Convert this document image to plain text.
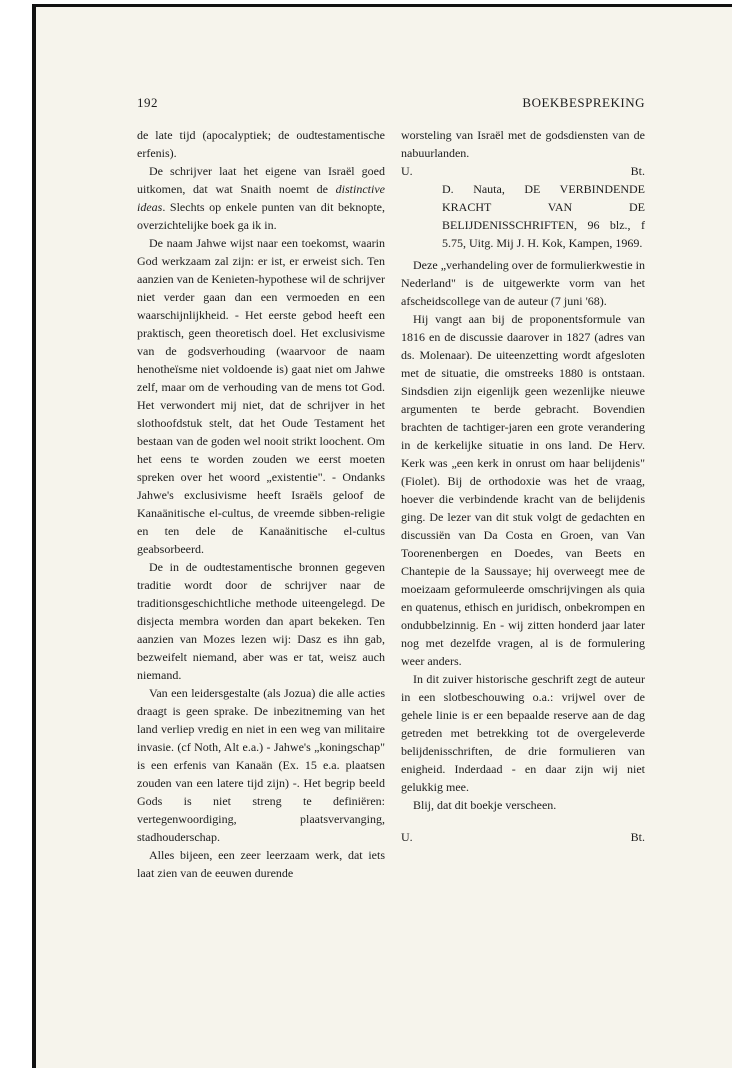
192	BOEKBESPREKING

de late tijd (apocalyptiek; de oudtestamentische erfenis).

De schrijver laat het eigene van Israël goed uitkomen, dat wat Snaith noemt de distinctive ideas. Slechts op enkele punten van dit beknopte, overzichtelijke boek ga ik in.

De naam Jahwe wijst naar een toekomst, waarin God werkzaam zal zijn: er ist, er erweist sich. Ten aanzien van de Kenieten-hypothese wil de schrijver niet verder gaan dan een vermoeden en een waarschijnlijkheid. - Het eerste gebod heeft een praktisch, geen theoretisch doel. Het exclusivisme van de godsverhouding (waarvoor de naam henotheïsme niet voldoende is) gaat niet om Jahwe zelf, maar om de verhouding van de mens tot God. Het verwondert mij niet, dat de schrijver in het slothoofdstuk stelt, dat het Oude Testament het bestaan van de goden wel nooit strikt loochent. Om het eens te worden zouden we eerst moeten spreken over het woord „existentie". - Ondanks Jahwe's exclusivisme heeft Israëls geloof de Kanaänitische el-cultus, de vreemde sibben-religie en ten dele de Kanaänitische el-cultus geabsorbeerd.

De in de oudtestamentische bronnen gegeven traditie wordt door de schrijver naar de traditionsgeschichtliche methode uiteengelegd. De disjecta membra worden dan apart bekeken. Ten aanzien van Mozes lezen wij: Dasz es ihn gab, bezweifelt niemand, aber was er tat, weisz auch niemand.

Van een leidersgestalte (als Jozua) die alle acties draagt is geen sprake. De inbezitneming van het land verliep vredig en niet in een weg van militaire invasie. (cf Noth, Alt e.a.) - Jahwe's „koningschap" is een erfenis van Kanaän (Ex. 15 e.a. plaatsen zouden van een latere tijd zijn) -. Het begrip beeld Gods is niet streng te definiëren: vertegenwoordiging, plaatsvervanging, stadhouderschap.

Alles bijeen, een zeer leerzaam werk, dat iets laat zien van de eeuwen durende

worsteling van Israël met de godsdiensten van de nabuurlanden.

U.	Bt.

D. Nauta, DE VERBINDENDE KRACHT VAN DE BELIJDENISSCHRIFTEN, 96 blz., f 5.75, Uitg. Mij J. H. Kok, Kampen, 1969.

Deze „verhandeling over de formulierkwestie in Nederland" is de uitgewerkte vorm van het afscheidscollege van de auteur (7 juni '68).

Hij vangt aan bij de proponentsformule van 1816 en de discussie daarover in 1827 (adres van ds. Molenaar). De uiteenzetting wordt afgesloten met de situatie, die omstreeks 1880 is ontstaan. Sindsdien zijn eigenlijk geen wezenlijke nieuwe argumenten te berde gebracht. Bovendien brachten de tachtiger-jaren een grote verandering in de kerkelijke situatie in ons land. De Herv. Kerk was „een kerk in onrust om haar belijdenis" (Fiolet). Bij de orthodoxie was het de vraag, hoever die verbindende kracht van de belijdenis ging. De lezer van dit stuk volgt de gedachten en discussiën van Da Costa en Groen, van Van Toorenenbergen en Doedes, van Beets en Chantepie de la Saussaye; hij overweegt mee de moeizaam geformuleerde omschrijvingen als quia en quatenus, ethisch en juridisch, onbekrompen en ondubbelzinnig. En - wij zitten honderd jaar later nog met dezelfde vragen, al is de formulering weer anders.

In dit zuiver historische geschrift zegt de auteur in een slotbeschouwing o.a.: vrijwel over de gehele linie is er een bepaalde reserve aan de dag getreden met betrekking tot de overgeleverde belijdenisschriften, de drie formulieren van enigheid. Inderdaad - en daar zijn wij niet gelukkig mee.

Blij, dat dit boekje verscheen.

U.	Bt.
